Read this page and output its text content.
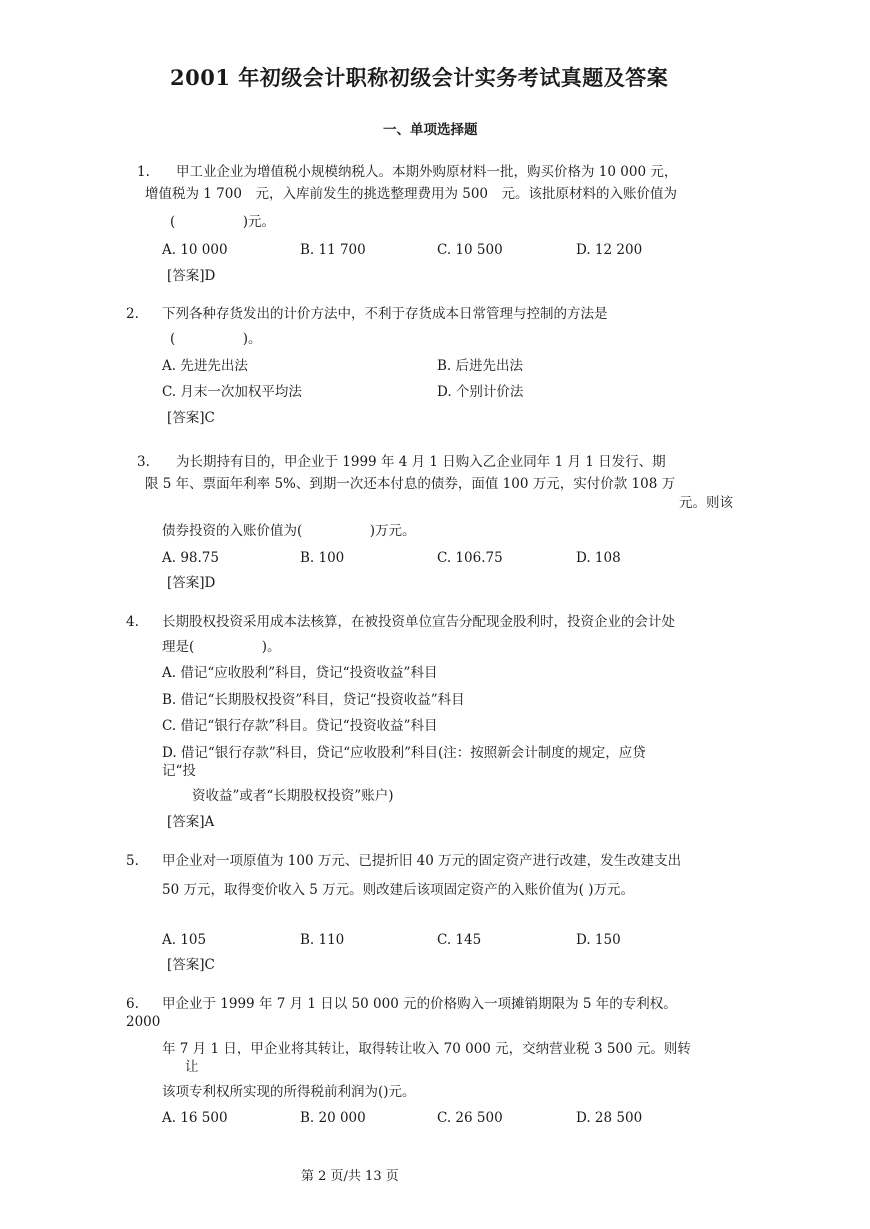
2001 年初级会计职称初级会计实务考试真题及答案
一、单项选择题
1. 甲工业企业为增值税小规模纳税人。本期外购原材料一批，购买价格为 10 000 元，
增值税为 1 700　元，入库前发生的挑选整理费用为 500　元。该批原材料的入账价值为
(　　　　　)元。
A. 10 000	B. 11 700	C. 10 500	D. 12 200
[答案]D
2. 下列各种存货发出的计价方法中，不利于存货成本日常管理与控制的方法是
(　　　　　)。
A. 先进先出法	B. 后进先出法
C. 月末一次加权平均法	D. 个别计价法
[答案]C
3. 为长期持有目的，甲企业于 1999 年 4 月 1 日购入乙企业同年 1 月 1 日发行、期
限 5 年、票面年利率 5%、到期一次还本付息的债券，面值 100 万元，实付价款 108 万
元。则该
债券投资的入账价值为(　　　　　)万元。
A. 98.75	B. 100	C. 106.75	D. 108
[答案]D
4. 长期股权投资采用成本法核算，在被投资单位宣告分配现金股利时，投资企业的会计处
理是(　　　　　)。
A. 借记“应收股利”科目，贷记“投资收益”科目
B. 借记“长期股权投资”科目，贷记“投资收益”科目
C. 借记“银行存款”科目。贷记“投资收益”科目
D. 借记“银行存款”科目，贷记“应收股利”科目(注：按照新会计制度的规定，应贷
记“投
资收益”或者“长期股权投资”账户)
[答案]A
5. 甲企业对一项原值为 100 万元、已提折旧 40 万元的固定资产进行改建，发生改建支出
50 万元，取得变价收入 5 万元。则改建后该项固定资产的入账价值为( )万元。
A. 105	B. 110	C. 145	D. 150
[答案]C
6. 甲企业于 1999 年 7 月 1 日以 50 000 元的价格购入一项摊销期限为 5 年的专利权。
2000
年 7 月 1 日，甲企业将其转让，取得转让收入 70 000 元，交纳营业税 3 500 元。则转
让
该项专利权所实现的所得税前利润为()元。
A. 16 500	B. 20 000	C. 26 500	D. 28 500
第 2 页/共 13 页
